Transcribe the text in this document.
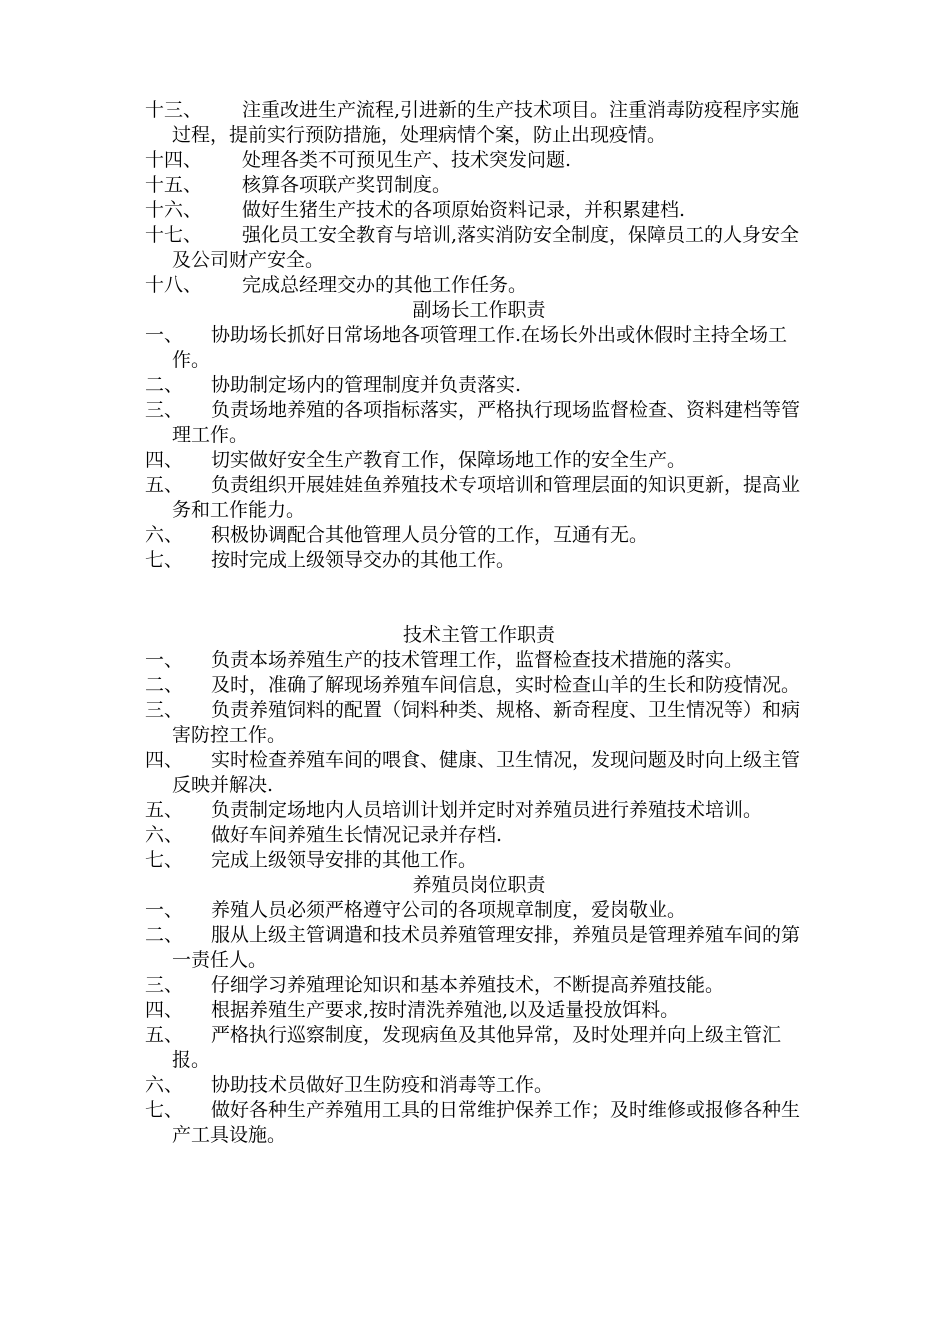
十三、 注重改进生产流程,引进新的生产技术项目。注重消毒防疫程序实施过程，提前实行预防措施，处理病情个案，防止出现疫情。

十四、 处理各类不可预见生产、技术突发问题.

十五、 核算各项联产奖罚制度。

十六、 做好生猪生产技术的各项原始资料记录，并积累建档.

十七、 强化员工安全教育与培训,落实消防安全制度，保障员工的人身安全及公司财产安全。

十八、 完成总经理交办的其他工作任务。

副场长工作职责

一、 协助场长抓好日常场地各项管理工作.在场长外出或休假时主持全场工作。

二、 协助制定场内的管理制度并负责落实.

三、 负责场地养殖的各项指标落实，严格执行现场监督检查、资料建档等管理工作。

四、 切实做好安全生产教育工作，保障场地工作的安全生产。

五、 负责组织开展娃娃鱼养殖技术专项培训和管理层面的知识更新，提高业务和工作能力。

六、 积极协调配合其他管理人员分管的工作，互通有无。

七、 按时完成上级领导交办的其他工作。

技术主管工作职责

一、 负责本场养殖生产的技术管理工作，监督检查技术措施的落实。

二、 及时，准确了解现场养殖车间信息，实时检查山羊的生长和防疫情况。

三、 负责养殖饲料的配置（饲料种类、规格、新奇程度、卫生情况等）和病害防控工作。

四、 实时检查养殖车间的喂食、健康、卫生情况，发现问题及时向上级主管反映并解决.

五、 负责制定场地内人员培训计划并定时对养殖员进行养殖技术培训。

六、 做好车间养殖生长情况记录并存档.

七、 完成上级领导安排的其他工作。

养殖员岗位职责

一、 养殖人员必须严格遵守公司的各项规章制度，爱岗敬业。

二、 服从上级主管调遣和技术员养殖管理安排，养殖员是管理养殖车间的第一责任人。

三、 仔细学习养殖理论知识和基本养殖技术，不断提高养殖技能。

四、 根据养殖生产要求,按时清洗养殖池,以及适量投放饵料。

五、 严格执行巡察制度，发现病鱼及其他异常，及时处理并向上级主管汇报。

六、 协助技术员做好卫生防疫和消毒等工作。

七、 做好各种生产养殖用工具的日常维护保养工作；及时维修或报修各种生产工具设施。
